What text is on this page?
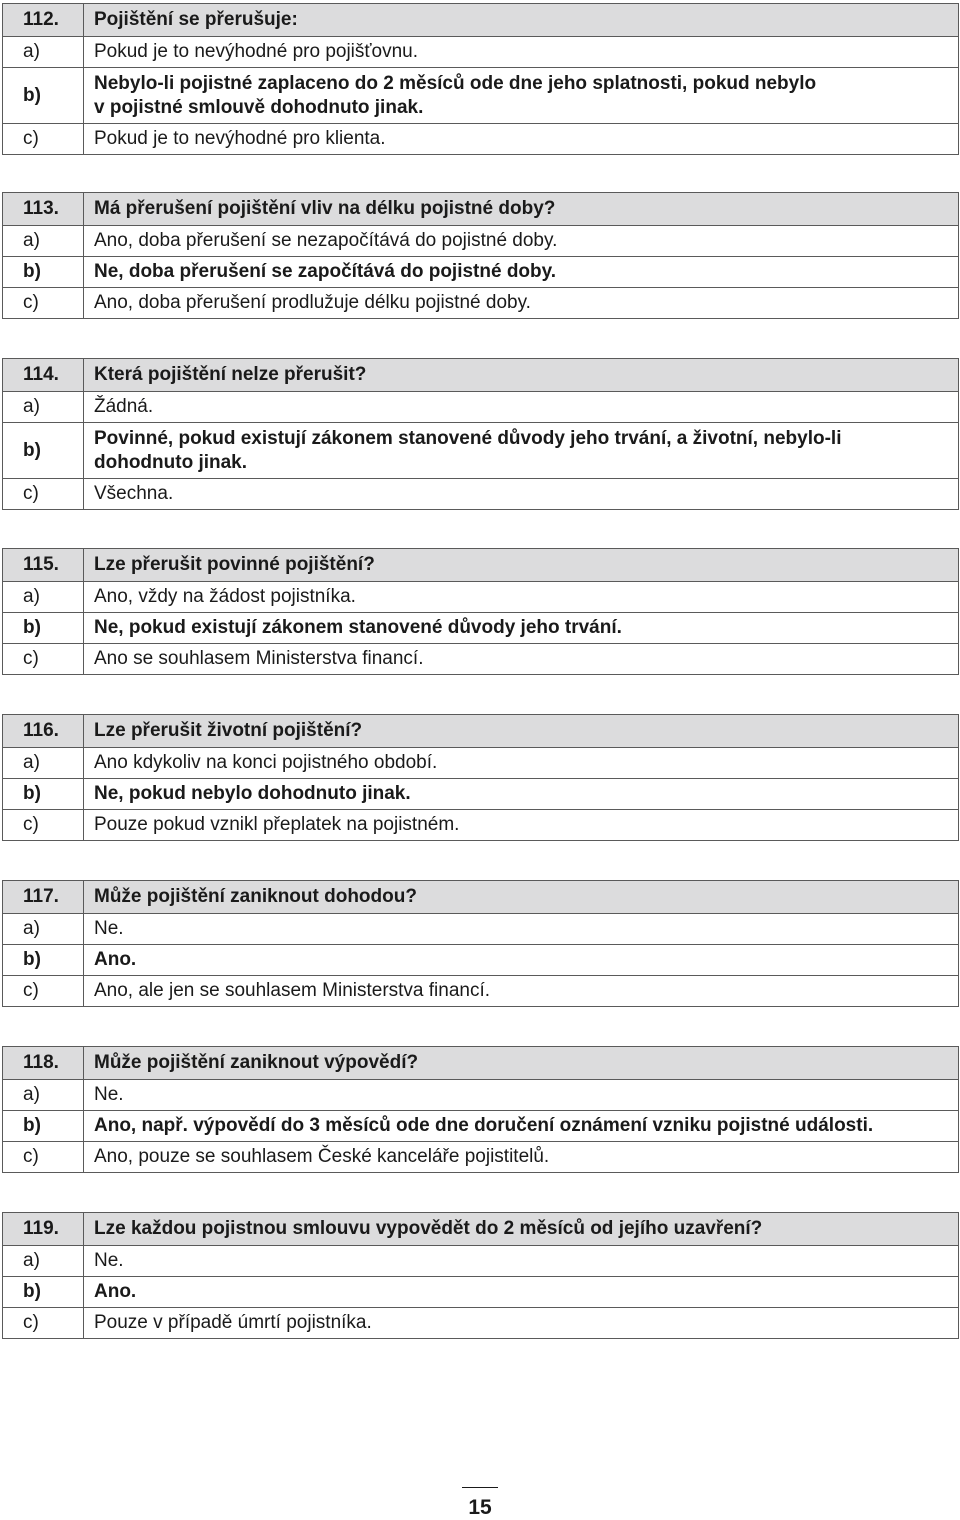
112.	Pojištění se přerušuje:
a)	Pokud je to nevýhodné pro pojišťovnu.
b)	Nebylo-li pojistné zaplaceno do 2 měsíců ode dne jeho splatnosti, pokud nebylo
v pojistné smlouvě dohodnuto jinak.
c)	Pokud je to nevýhodné pro klienta.
113.	Má přerušení pojištění vliv na délku pojistné doby?
a)	Ano, doba přerušení se nezapočítává do pojistné doby.
b)	Ne, doba přerušení se započítává do pojistné doby.
c)	Ano, doba přerušení prodlužuje délku pojistné doby.
114.	Která pojištění nelze přerušit?
a)	Žádná.
b)	Povinné, pokud existují zákonem stanovené důvody jeho trvání, a životní, nebylo-li
dohodnuto jinak.
c)	Všechna.
115.	Lze přerušit povinné pojištění?
a)	Ano, vždy na žádost pojistníka.
b)	Ne, pokud existují zákonem stanovené důvody jeho trvání.
c)	Ano se souhlasem Ministerstva financí.
116.	Lze přerušit životní pojištění?
a)	Ano kdykoliv na konci pojistného období.
b)	Ne, pokud nebylo dohodnuto jinak.
c)	Pouze pokud vznikl přeplatek na pojistném.
117.	Může pojištění zaniknout dohodou?
a)	Ne.
b)	Ano.
c)	Ano, ale jen se souhlasem Ministerstva financí.
118.	Může pojištění zaniknout výpovědí?
a)	Ne.
b)	Ano, např. výpovědí do 3 měsíců ode dne doručení oznámení vzniku pojistné události.
c)	Ano, pouze se souhlasem České kanceláře pojistitelů.
119.	Lze každou pojistnou smlouvu vypovědět do 2 měsíců od jejího uzavření?
a)	Ne.
b)	Ano.
c)	Pouze v případě úmrtí pojistníka.
15
